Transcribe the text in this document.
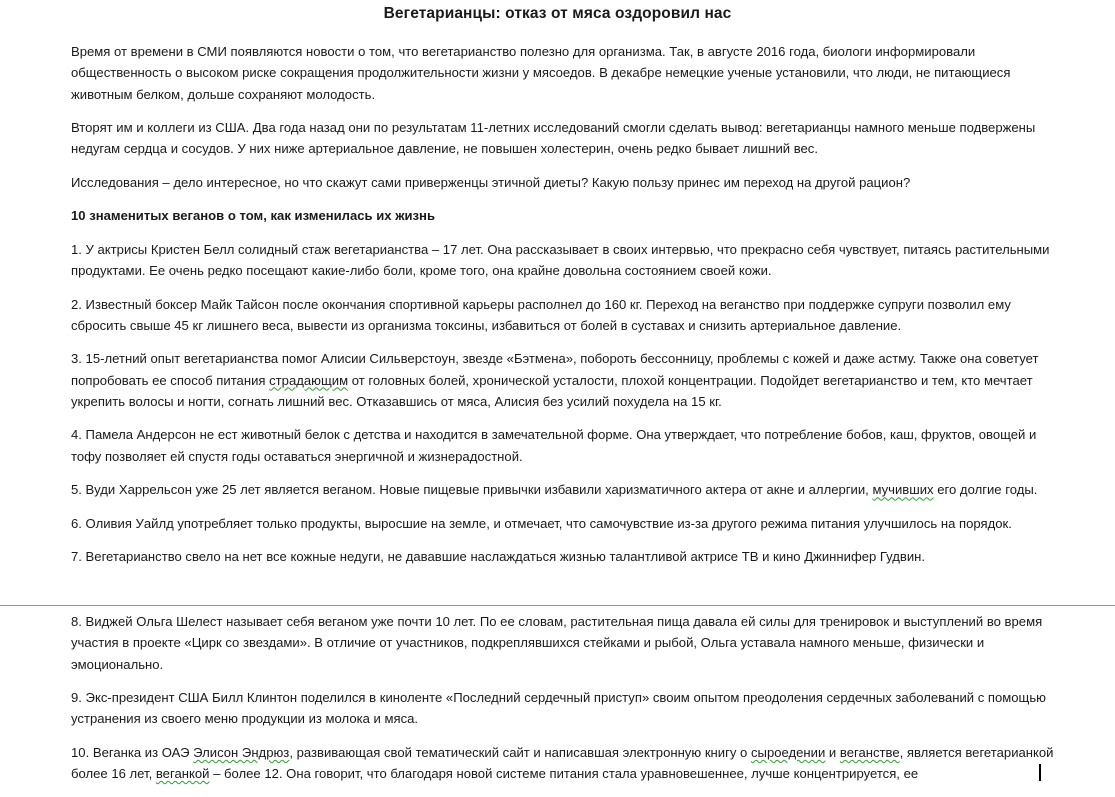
Вегетарианцы: отказ от мяса оздоровил нас

Время от времени в СМИ появляются новости о том, что вегетарианство полезно для организма. Так, в августе 2016 года, биологи информировали общественность о высоком риске сокращения продолжительности жизни у мясоедов. В декабре немецкие ученые установили, что люди, не питающиеся животным белком, дольше сохраняют молодость.

Вторят им и коллеги из США. Два года назад они по результатам 11-летних исследований смогли сделать вывод: вегетарианцы намного меньше подвержены недугам сердца и сосудов. У них ниже артериальное давление, не повышен холестерин, очень редко бывает лишний вес.

Исследования – дело интересное, но что скажут сами приверженцы этичной диеты? Какую пользу принес им переход на другой рацион?

10 знаменитых веганов о том, как изменилась их жизнь

1. У актрисы Кристен Белл солидный стаж вегетарианства – 17 лет. Она рассказывает в своих интервью, что прекрасно себя чувствует, питаясь растительными продуктами. Ее очень редко посещают какие-либо боли, кроме того, она крайне довольна состоянием своей кожи.

2. Известный боксер Майк Тайсон после окончания спортивной карьеры располнел до 160 кг. Переход на веганство при поддержке супруги позволил ему сбросить свыше 45 кг лишнего веса, вывести из организма токсины, избавиться от болей в суставах и снизить артериальное давление.

3. 15-летний опыт вегетарианства помог Алисии Сильверстоун, звезде «Бэтмена», побороть бессонницу, проблемы с кожей и даже астму. Также она советует попробовать ее способ питания страдающим от головных болей, хронической усталости, плохой концентрации. Подойдет вегетарианство и тем, кто мечтает укрепить волосы и ногти, согнать лишний вес. Отказавшись от мяса, Алисия без усилий похудела на 15 кг.

4. Памела Андерсон не ест животный белок с детства и находится в замечательной форме. Она утверждает, что потребление бобов, каш, фруктов, овощей и тофу позволяет ей спустя годы оставаться энергичной и жизнерадостной.

5. Вуди Харрельсон уже 25 лет является веганом. Новые пищевые привычки избавили харизматичного актера от акне и аллергии, мучивших его долгие годы.

6. Оливия Уайлд употребляет только продукты, выросшие на земле, и отмечает, что самочувствие из-за другого режима питания улучшилось на порядок.

7. Вегетарианство свело на нет все кожные недуги, не дававшие наслаждаться жизнью талантливой актрисе ТВ и кино Джиннифер Гудвин.

8. Виджей Ольга Шелест называет себя веганом уже почти 10 лет. По ее словам, растительная пища давала ей силы для тренировок и выступлений во время участия в проекте «Цирк со звездами». В отличие от участников, подкреплявшихся стейками и рыбой, Ольга уставала намного меньше, физически и эмоционально.

9. Экс-президент США Билл Клинтон поделился в киноленте «Последний сердечный приступ» своим опытом преодоления сердечных заболеваний с помощью устранения из своего меню продукции из молока и мяса.

10. Веганка из ОАЭ Элисон Эндрюз, развивающая свой тематический сайт и написавшая электронную книгу о сыроедении и веганстве, является вегетарианкой более 16 лет, веганкой – более 12. Она говорит, что благодаря новой системе питания стала уравновешеннее, лучше концентрируется, ее
